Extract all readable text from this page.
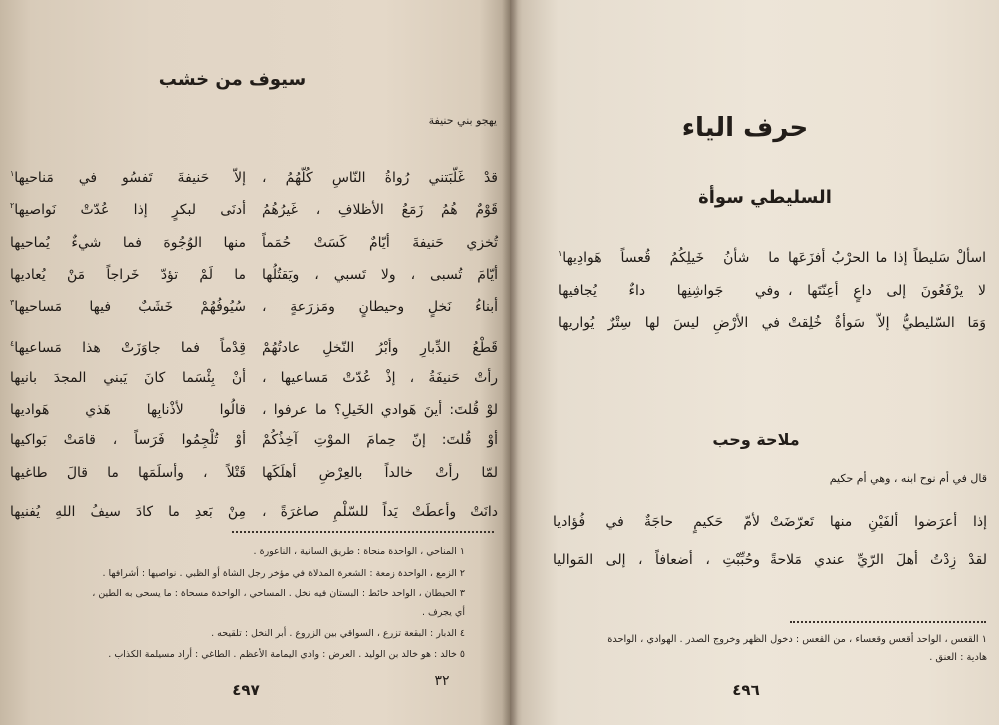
سيوف من خشب
يهجو بني حنيفة
قدْ غَلّبَتني رُواةُ النّاسِ كُلّهُمُ ،
إلاّ حَنيفةَ تَفسُو في مَناحيها$^١$
قَوْمٌ هُمُ زَمَعُ الأظلافِ ، غَيرُهُمُ
أدنَى لبكرٍ إذا عُدّتْ نَواصيها$^٢$
تُخزي حَنيفةَ أيّامٌ كَسَتْ حُمَماً
منها الوُجُوهَ فما شيءٌ يُماحيها
أيّامَ تُسبى ، ولا تَسبي ، ويَقتُلُها
ما لَمْ تؤدّ خَراجاً مَنْ يُعاديها
أبناءُ نَخلٍ وحيطانٍ ومَزرَعةٍ ،
سُيُوفُهُمْ خَشَبٌ فيها مَساحيها$^٣$
قَطْعُ الدِّبارِ وأبْرُ النّخلِ عادتُهُمْ
قِدْماً فما جاوَزَتْ هذا مَساعيها$^٤$
رأتْ حَنيفَةُ ، إذْ عُدّتْ مَساعيها ،
أنْ بِئْسَما كانَ يَبني المجدَ بانيها
لوْ قُلتَ: أينَ هَوادي الخَيلِ؟ ما عرفوا ،
قالُوا لأذْنابِها هَذي هَواديها
أوْ قُلتَ: إنّ حِمامَ الموْتِ آخِذُكُمْ
أوْ تُلْجِمُوا فَرَساً ، قامَتْ بَواكيها
لمّا رأتْ خالداً بالعِرْضِ أهلَكَها
قَتْلاً ، وأسلَمَها ما قالَ طاغيها
دانَتْ وأعطَتْ يَداً للسّلْمِ صاغرَةً ،
مِنْ بَعدِ ما كادَ سيفُ اللهِ يُفنيها
١ المناحي ، الواحدة منحاة : طريق السانية ، الناعورة .
٢ الزمع ، الواحدة زمعة : الشعرة المدلاة في مؤخر رجل الشاة أو الظبي . نواصيها : أشرافها .
٣ الحيطان ، الواحد حائط : البستان فيه نخل . المساحي ، الواحدة مسحاة : ما يسحى به الطين ،
أي يجرف .
٤ الدبار : البقعة تزرع ، السواقي بين الزروع . أبر النخل : تلقيحه .
٥ خالد : هو خالد بن الوليد . العرض : وادي اليمامة الأعظم . الطاغي : أراد مسيلمة الكذاب .
٣٢
٤٩٧
حرف الياء
السليطي سوأة
اسألْ سَليطاً إذا ما الحرْبُ أفزَعَها
ما شأنُ خَيلِكُمُ قُعساً هَوادِيها$^١$
لا يرْفَعُونَ إلى داعٍ أعِنّتَها ،
وفي جَواشِنِها داءٌ يُجافيها
وَمَا السّليطيُّ إلاّ سَوأةٌ خُلِقتْ
في الأرْضِ ليسَ لها سِتْرٌ يُواريها
ملاحة وحب
قال في أم نوح ابنه ، وهي أم حكيم
إذا أعرَضوا ألفَيْنِ منها تَعرّضَتْ
لأمّ حَكيمٍ حاجَةٌ في فُؤاديا
لقدْ زِدْتُ أهلَ الرّيِّ عندي مَلاحةً
وحُبِّبْتِ ، أضعافاً ، إلى المَواليا
١ القعس ، الواحد أقعس وقعساء ، من القعس : دخول الظهر وخروج الصدر . الهوادي ، الواحدة
هادية : العنق .
٤٩٦
